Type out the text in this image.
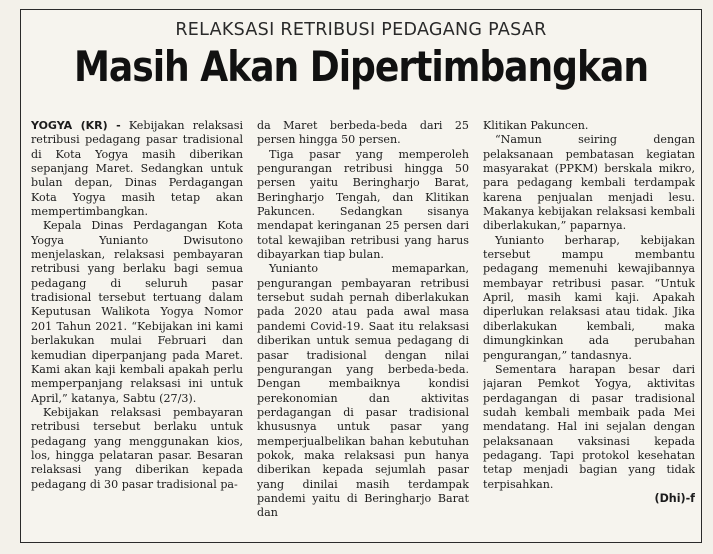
RELAKSASI RETRIBUSI PEDAGANG PASAR
Masih Akan Dipertimbangkan

YOGYA (KR) - Kebijakan relaksasi retribusi pedagang pasar tradisional di Kota Yogya masih diberikan sepanjang Maret. Sedangkan untuk bulan depan, Dinas Perdagangan Kota Yogya masih tetap akan mempertimbangkan.

Kepala Dinas Perdagangan Kota Yogya Yunianto Dwisutono menjelaskan, relaksasi pembayaran retribusi yang berlaku bagi semua pedagang di seluruh pasar tradisional tersebut tertuang dalam Keputusan Walikota Yogya Nomor 201 Tahun 2021. “Kebijakan ini kami berlakukan mulai Februari dan kemudian diperpanjang pada Maret. Kami akan kaji kembali apakah perlu memperpanjang relaksasi ini untuk April,” katanya, Sabtu (27/3).

Kebijakan relaksasi pembayaran retribusi tersebut berlaku untuk pedagang yang menggunakan kios, los, hingga pelataran pasar. Besaran relaksasi yang diberikan kepada pedagang di 30 pasar tradisional pa-

da Maret berbeda-beda dari 25 persen hingga 50 persen.

Tiga pasar yang memperoleh pengurangan retribusi hingga 50 persen yaitu Beringharjo Barat, Beringharjo Tengah, dan Klitikan Pakuncen. Sedangkan sisanya mendapat keringanan 25 persen dari total kewajiban retribusi yang harus dibayarkan tiap bulan.

Yunianto memaparkan, pengurangan pembayaran retribusi tersebut sudah pernah diberlakukan pada 2020 atau pada awal masa pandemi Covid-19. Saat itu relaksasi diberikan untuk semua pedagang di pasar tradisional dengan nilai pengurangan yang berbeda-beda. Dengan membaiknya kondisi perekonomian dan aktivitas perdagangan di pasar tradisional khususnya untuk pasar yang memperjualbelikan bahan kebutuhan pokok, maka relaksasi pun hanya diberikan kepada sejumlah pasar yang dinilai masih terdampak pandemi yaitu di Beringharjo Barat dan

Klitikan Pakuncen.

“Namun seiring dengan pelaksanaan pembatasan kegiatan masyarakat (PPKM) berskala mikro, para pedagang kembali terdampak karena penjualan menjadi lesu. Makanya kebijakan relaksasi kembali diberlakukan,” paparnya.

Yunianto berharap, kebijakan tersebut mampu membantu pedagang memenuhi kewajibannya membayar retribusi pasar. “Untuk April, masih kami kaji. Apakah diperlukan relaksasi atau tidak. Jika diberlakukan kembali, maka dimungkinkan ada perubahan pengurangan,” tandasnya.

Sementara harapan besar dari jajaran Pemkot Yogya, aktivitas perdagangan di pasar tradisional sudah kembali membaik pada Mei mendatang. Hal ini sejalan dengan pelaksanaan vaksinasi kepada pedagang. Tapi protokol kesehatan tetap menjadi bagian yang tidak terpisahkan.

(Dhi)-f
